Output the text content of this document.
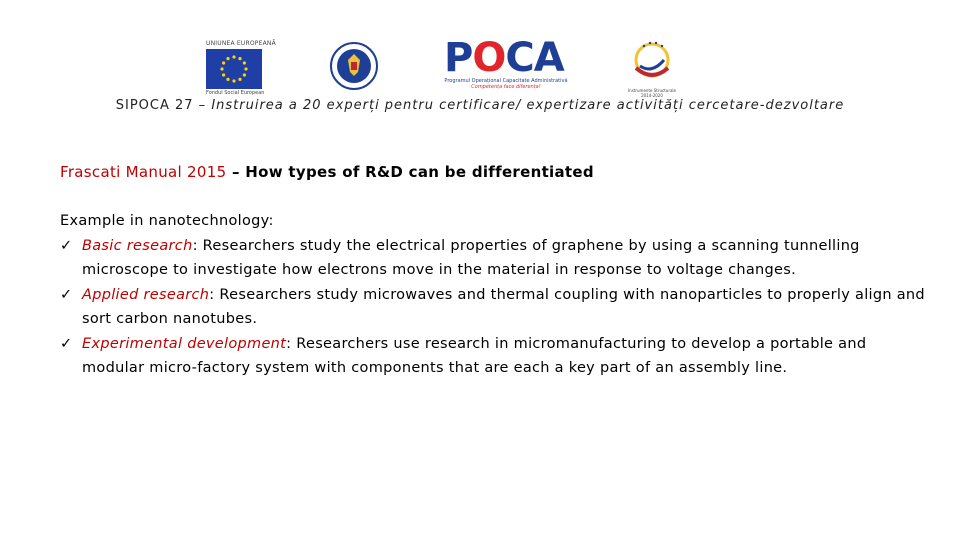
UNIUNEA EUROPEANĂ
Fondul Social European
POCA
Programul Operațional Capacitate Administrativă
Competența face diferența!
Instrumente Structurale 2014-2020
SIPOCA 27 – Instruirea a 20 experți pentru certificare/ expertizare activități cercetare-dezvoltare
Frascati Manual 2015 – How types of R&D can be differentiated
Example in nanotechnology:
✓ Basic research: Researchers study the electrical properties of graphene by using a scanning tunnelling microscope to investigate how electrons move in the material in response to voltage changes.
✓ Applied research: Researchers study microwaves and thermal coupling with nanoparticles to properly align and sort carbon nanotubes.
✓ Experimental development: Researchers use research in micromanufacturing to develop a portable and modular micro-factory system with components that are each a key part of an assembly line.
